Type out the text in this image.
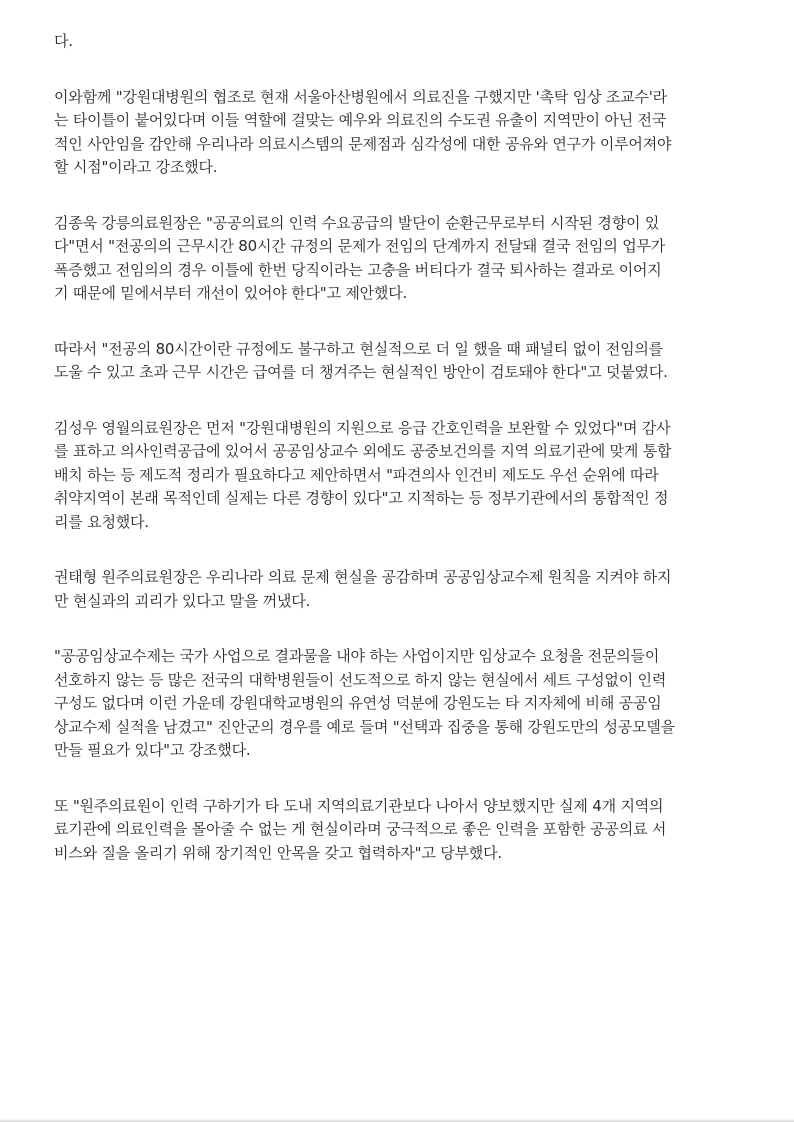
다.

이와함께 "강원대병원의 협조로 현재 서울아산병원에서 의료진을 구했지만 '촉탁 임상 조교수'라
는 타이틀이 붙어있다며 이들 역할에 걸맞는 예우와 의료진의 수도권 유출이 지역만이 아닌 전국
적인 사안임을 감안해 우리나라 의료시스템의 문제점과 심각성에 대한 공유와 연구가 이루어져야
할 시점"이라고 강조했다.

김종욱 강릉의료원장은 "공공의료의 인력 수요공급의 발단이 순환근무로부터 시작된 경향이 있
다"면서 "전공의의 근무시간 80시간 규정의 문제가 전임의 단계까지 전달돼 결국 전임의 업무가
폭증했고 전임의의 경우 이틀에 한번 당직이라는 고충을 버티다가 결국 퇴사하는 결과로 이어지
기 때문에 밑에서부터 개선이 있어야 한다"고 제안했다.

따라서 "전공의 80시간이란 규정에도 불구하고 현실적으로 더 일 했을 때 패널티 없이 전임의를
도울 수 있고 초과 근무 시간은 급여를 더 챙겨주는 현실적인 방안이 검토돼야 한다"고 덧붙였다.

김성우 영월의료원장은 먼저 "강원대병원의 지원으로 응급 간호인력을 보완할 수 있었다"며 감사
를 표하고 의사인력공급에 있어서 공공임상교수 외에도 공중보건의를 지역 의료기관에 맞게 통합
배치 하는 등 제도적 정리가 필요하다고 제안하면서 "파견의사 인건비 제도도 우선 순위에 따라
취약지역이 본래 목적인데 실제는 다른 경향이 있다"고 지적하는 등 정부기관에서의 통합적인 정
리를 요청했다.

권태형 원주의료원장은 우리나라 의료 문제 현실을 공감하며 공공임상교수제 원칙을 지켜야 하지
만 현실과의 괴리가 있다고 말을 꺼냈다.

"공공임상교수제는 국가 사업으로 결과물을 내야 하는 사업이지만 임상교수 요청을 전문의들이
선호하지 않는 등 많은 전국의 대학병원들이 선도적으로 하지 않는 현실에서 세트 구성없이 인력
구성도 없다며 이런 가운데 강원대학교병원의 유연성 덕분에 강원도는 타 지자체에 비해 공공임
상교수제 실적을 남겼고" 진안군의 경우를 예로 들며 "선택과 집중을 통해 강원도만의 성공모델을
만들 필요가 있다"고 강조했다.

또 "원주의료원이 인력 구하기가 타 도내 지역의료기관보다 나아서 양보했지만 실제 4개 지역의
료기관에 의료인력을 몰아줄 수 없는 게 현실이라며 궁극적으로 좋은 인력을 포함한 공공의료 서
비스와 질을 올리기 위해 장기적인 안목을 갖고 협력하자"고 당부했다.
